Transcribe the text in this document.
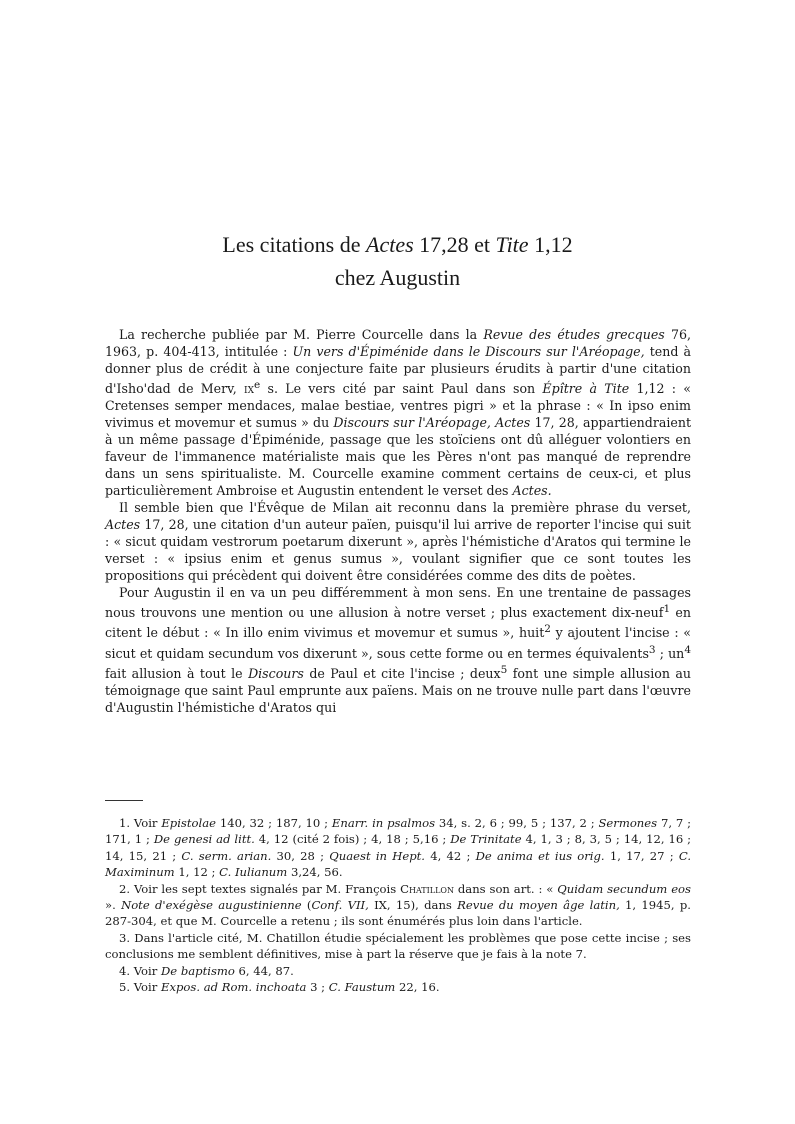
Les citations de Actes 17,28 et Tite 1,12
chez Augustin

La recherche publiée par M. Pierre Courcelle dans la Revue des études grecques 76, 1963, p. 404-413, intitulée : Un vers d'Épiménide dans le Discours sur l'Aréopage, tend à donner plus de crédit à une conjecture faite par plusieurs érudits à partir d'une citation d'Isho'dad de Merv, $ix^e$ s. Le vers cité par saint Paul dans son Épître à Tite 1,12 : « Cretenses semper mendaces, malae bestiae, ventres pigri » et la phrase : « In ipso enim vivimus et movemur et sumus » du Discours sur l'Aréopage, Actes 17, 28, appartiendraient à un même passage d'Épiménide, passage que les stoïciens ont dû alléguer volontiers en faveur de l'immanence matérialiste mais que les Pères n'ont pas manqué de reprendre dans un sens spiritualiste. M. Courcelle examine comment certains de ceux-ci, et plus particulièrement Ambroise et Augustin entendent le verset des Actes.

Il semble bien que l'Évêque de Milan ait reconnu dans la première phrase du verset, Actes 17, 28, une citation d'un auteur païen, puisqu'il lui arrive de reporter l'incise qui suit : « sicut quidam vestrorum poetarum dixerunt », après l'hémistiche d'Aratos qui termine le verset : « ipsius enim et genus sumus », voulant signifier que ce sont toutes les propositions qui précèdent qui doivent être considérées comme des dits de poètes.

Pour Augustin il en va un peu différemment à mon sens. En une trentaine de passages nous trouvons une mention ou une allusion à notre verset ; plus exactement dix-neuf$^1$ en citent le début : « In illo enim vivimus et movemur et sumus », huit$^2$ y ajoutent l'incise : « sicut et quidam secundum vos dixerunt », sous cette forme ou en termes équivalents$^3$ ; $un^4$ fait allusion à tout le Discours de Paul et cite l'incise ; deux$^5$ font une simple allusion au témoignage que saint Paul emprunte aux païens. Mais on ne trouve nulle part dans l'œuvre d'Augustin l'hémistiche d'Aratos qui

1. Voir Epistolae 140, 32 ; 187, 10 ; Enarr. in psalmos 34, s. 2, 6 ; 99, 5 ; 137, 2 ; Sermones 7, 7 ; 171, 1 ; De genesi ad litt. 4, 12 (cité 2 fois) ; 4, 18 ; 5,16 ; De Trinitate 4, 1, 3 ; 8, 3, 5 ; 14, 12, 16 ; 14, 15, 21 ; C. serm. arian. 30, 28 ; Quaest in Hept. 4, 42 ; De anima et ius orig. 1, 17, 27 ; C. Maximinum 1, 12 ; C. Iulianum 3,24, 56.

2. Voir les sept textes signalés par M. François Chatillon dans son art. : « Quidam secundum eos ». Note d'exégèse augustinienne (Conf. VII, IX, 15), dans Revue du moyen âge latin, 1, 1945, p. 287-304, et que M. Courcelle a retenu ; ils sont énumérés plus loin dans l'article.

3. Dans l'article cité, M. Chatillon étudie spécialement les problèmes que pose cette incise ; ses conclusions me semblent définitives, mise à part la réserve que je fais à la note 7.

4. Voir De baptismo 6, 44, 87.

5. Voir Expos. ad Rom. inchoata 3 ; C. Faustum 22, 16.
